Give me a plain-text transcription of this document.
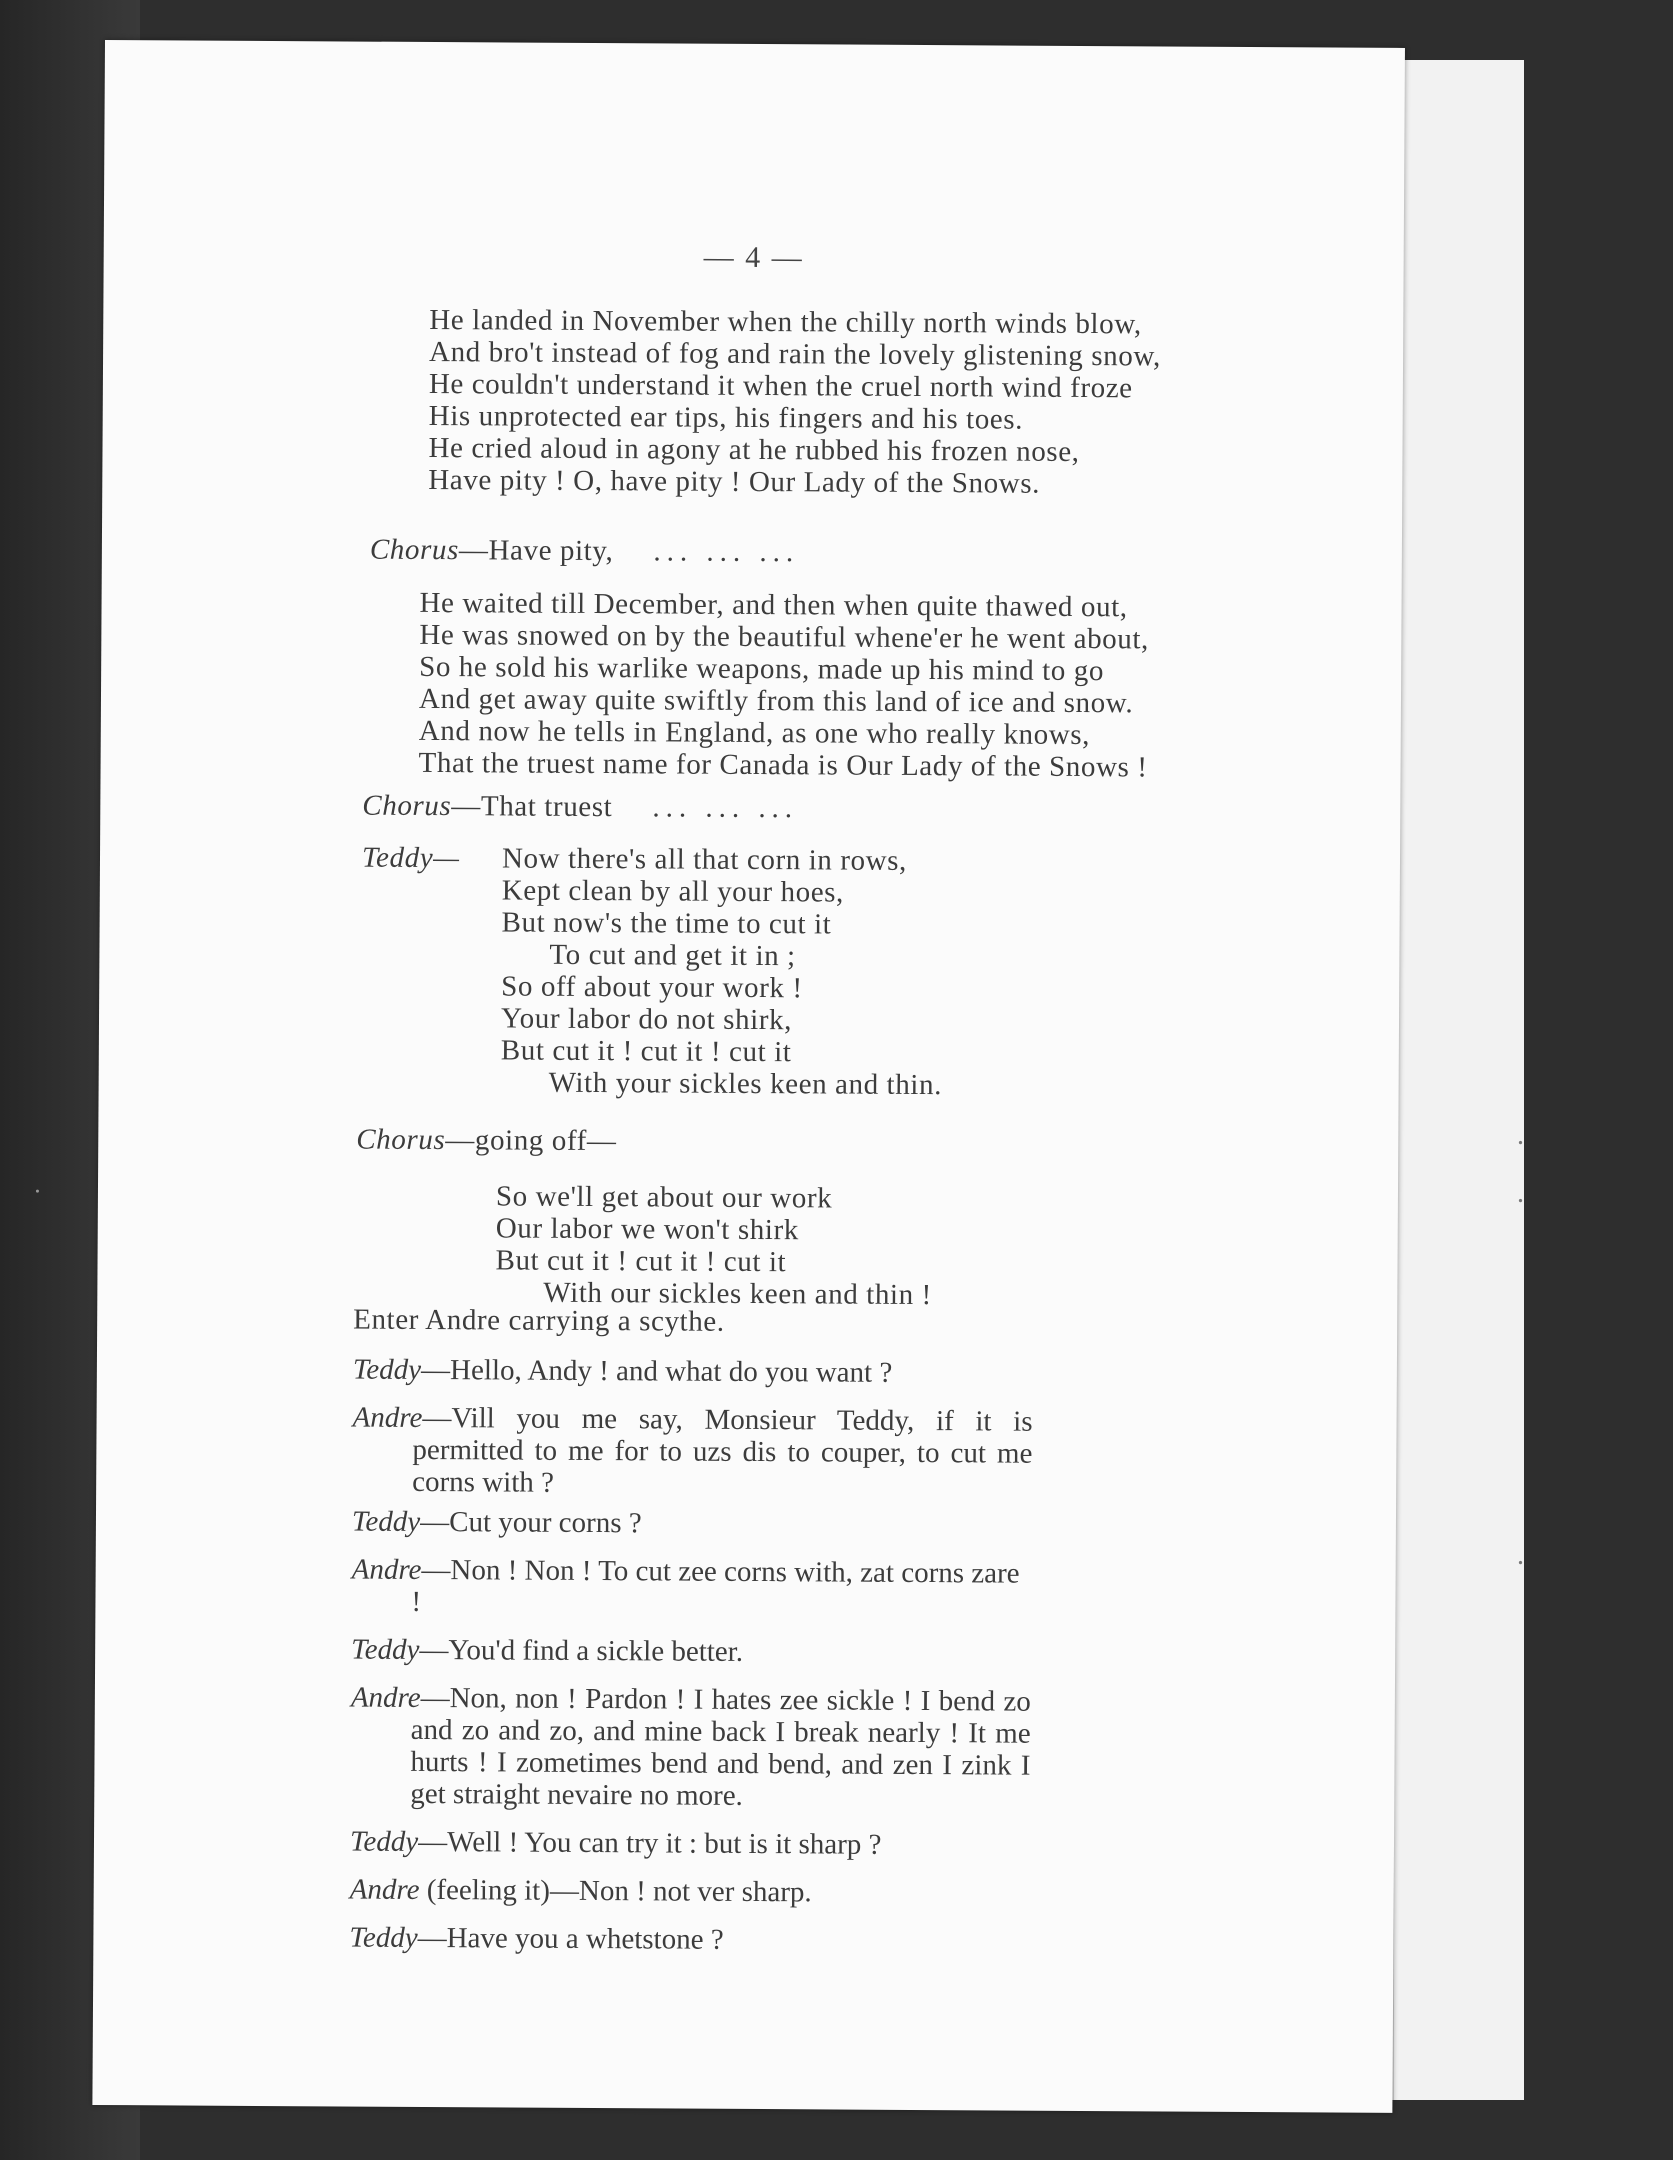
.
.
.
— 4 —
He landed in November when the chilly north winds blow,
And bro't instead of fog and rain the lovely glistening snow,
He couldn't understand it when the cruel north wind froze
His unprotected ear tips, his fingers and his toes.
He cried aloud in agony at he rubbed his frozen nose,
Have pity ! O, have pity ! Our Lady of the Snows.
Chorus—Have pity, ... ... ...
He waited till December, and then when quite thawed out,
He was snowed on by the beautiful whene'er he went about,
So he sold his warlike weapons, made up his mind to go
And get away quite swiftly from this land of ice and snow.
And now he tells in England, as one who really knows,
That the truest name for Canada is Our Lady of the Snows !
Chorus—That truest ... ... ...
Teddy— Now there's all that corn in rows,
Kept clean by all your hoes,
But now's the time to cut it
To cut and get it in ;
So off about your work !
Your labor do not shirk,
But cut it ! cut it ! cut it
With your sickles keen and thin.
Chorus—going off—
So we'll get about our work
Our labor we won't shirk
But cut it ! cut it ! cut it
With our sickles keen and thin !
Enter Andre carrying a scythe.
Teddy—Hello, Andy ! and what do you want ?
Andre—Vill you me say, Monsieur Teddy, if it is permitted to me for to uzs dis to couper, to cut me corns with ?
Teddy—Cut your corns ?
Andre—Non ! Non ! To cut zee corns with, zat corns zare !
Teddy—You'd find a sickle better.
Andre—Non, non ! Pardon ! I hates zee sickle ! I bend zo and zo and zo, and mine back I break nearly ! It me hurts ! I zometimes bend and bend, and zen I zink I get straight nevaire no more.
Teddy—Well ! You can try it : but is it sharp ?
Andre (feeling it)—Non ! not ver sharp.
Teddy—Have you a whetstone ?
